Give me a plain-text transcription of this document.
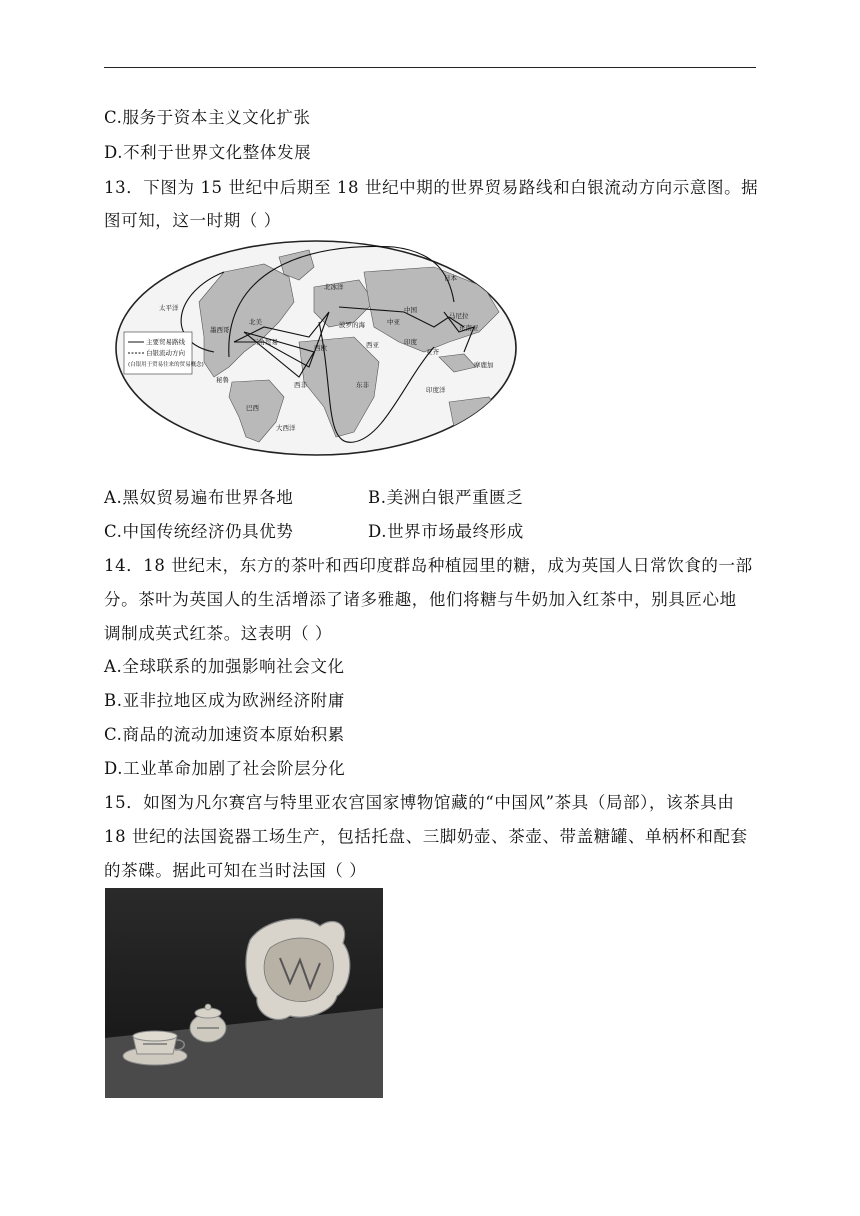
C.服务于资本主义文化扩张
D.不利于世界文化整体发展
13．下图为 15 世纪中后期至 18 世纪中期的世界贸易路线和白银流动方向示意图。据
图可知，这一时期（ ）
主要贸易路线
白银流动方向
(白银用于贸易往来的贸易概念)
太平洋
北美
北冰洋
日本
中国
马尼拉
东南亚
波罗的海
西欧
中亚
西亚	印度
亚齐
墨西哥
三角贸易
秘鲁
西非	东非
巴西
大西洋
印度洋
摩鹿加
A.黑奴贸易遍布世界各地	B.美洲白银严重匮乏
C.中国传统经济仍具优势	D.世界市场最终形成
14．18 世纪末，东方的茶叶和西印度群岛种植园里的糖，成为英国人日常饮食的一部
分。茶叶为英国人的生活增添了诸多雅趣，他们将糖与牛奶加入红茶中，别具匠心地
调制成英式红茶。这表明（ ）
A.全球联系的加强影响社会文化
B.亚非拉地区成为欧洲经济附庸
C.商品的流动加速资本原始积累
D.工业革命加剧了社会阶层分化
15．如图为凡尔赛宫与特里亚农宫国家博物馆藏的“中国风”茶具（局部），该茶具由
18 世纪的法国瓷器工场生产，包括托盘、三脚奶壶、茶壶、带盖糖罐、单柄杯和配套
的茶碟。据此可知在当时法国（ ）
